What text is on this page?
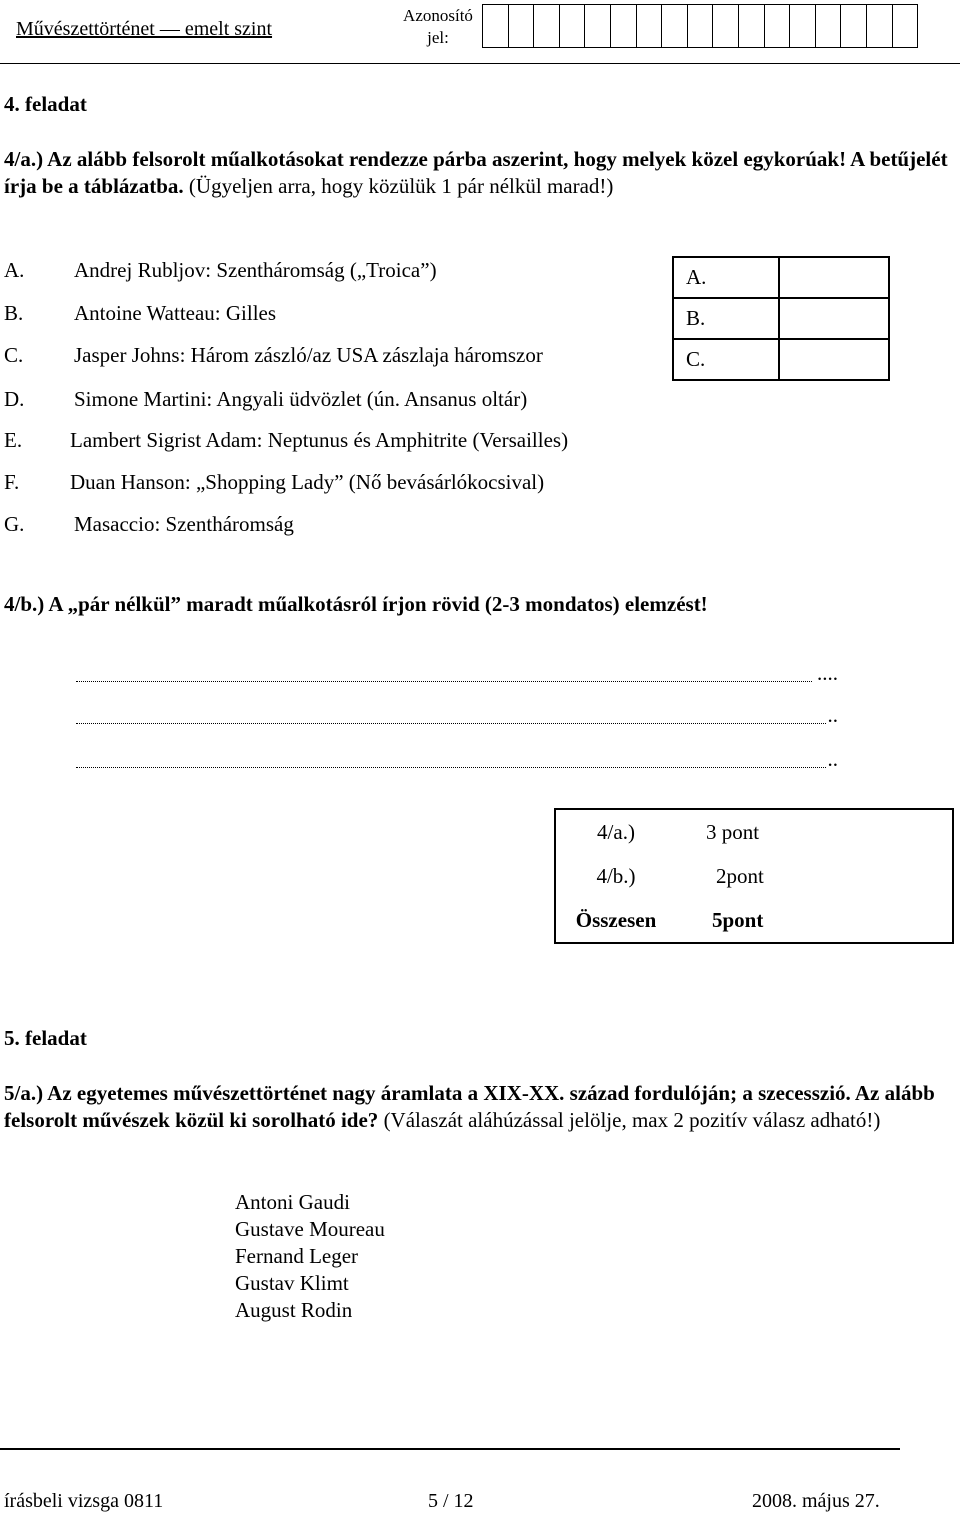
Művészettörténet — emelt szint
Azonosító jel:
4. feladat
4/a.) Az alább felsorolt műalkotásokat rendezze párba aszerint, hogy melyek közel egykorúak! A betűjelét írja be a táblázatba. (Ügyeljen arra, hogy közülük 1 pár nélkül marad!)
A. Andrej Rubljov: Szentháromság („Troica”)
B. Antoine Watteau: Gilles
C. Jasper Johns: Három zászló/az USA zászlaja háromszor
D. Simone Martini: Angyali üdvözlet (ún. Ansanus oltár)
E. Lambert Sigrist Adam: Neptunus és Amphitrite (Versailles)
F. Duan Hanson: „Shopping Lady” (Nő bevásárlókocsival)
G. Masaccio: Szentháromság
A.	
B.	
C.	
4/b.) A „pár nélkül” maradt műalkotásról írjon rövid (2-3 mondatos) elemzést!
....
..
..
4/a.)	3 pont
4/b.)	2pont
Összesen	5pont
5. feladat
5/a.) Az egyetemes művészettörténet nagy áramlata a XIX-XX. század fordulóján; a szecesszió. Az alább felsorolt művészek közül ki sorolható ide? (Válaszát aláhúzással jelölje, max 2 pozitív válasz adható!)
Antoni Gaudi
Gustave Moureau
Fernand Leger
Gustav Klimt
August Rodin
írásbeli vizsga 0811	5 / 12	2008. május 27.
